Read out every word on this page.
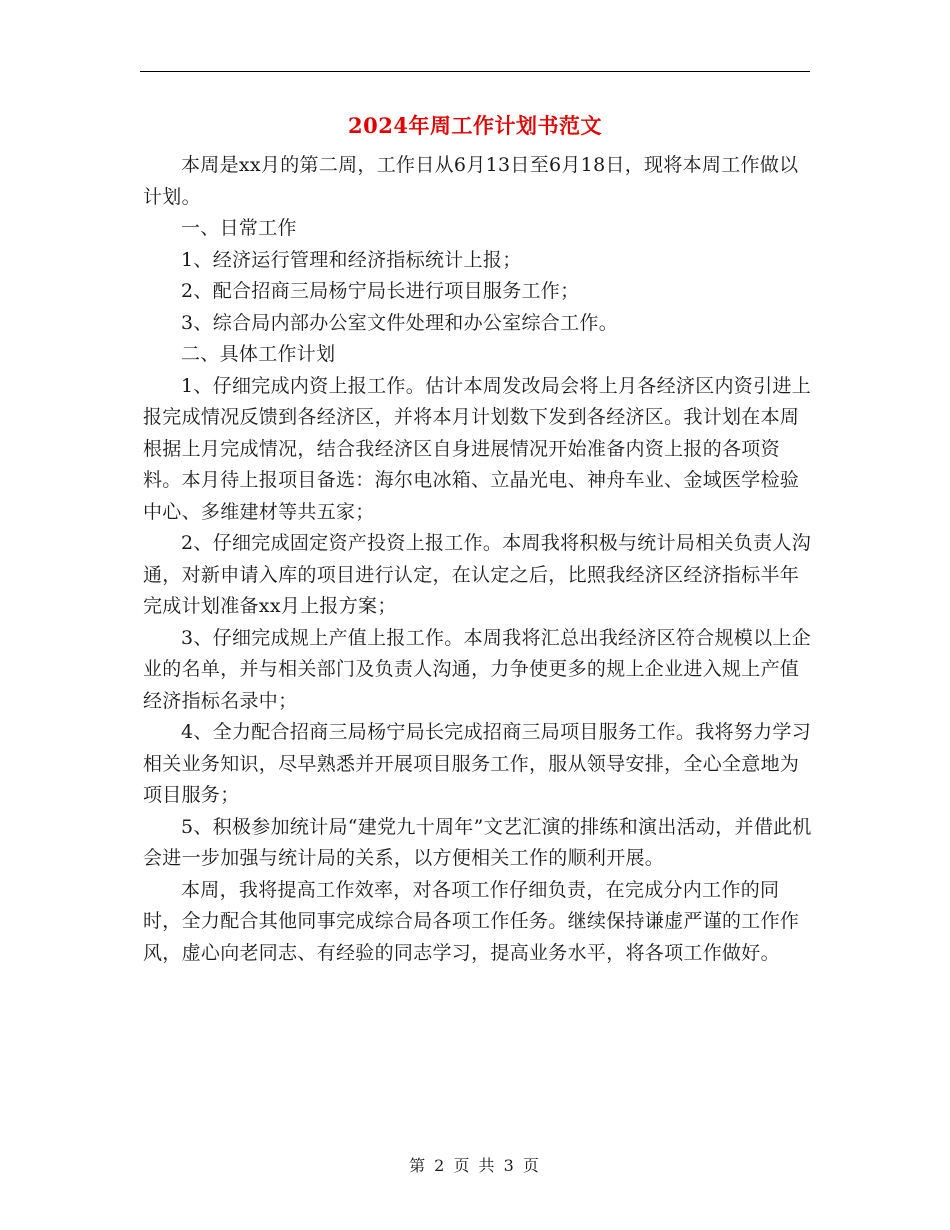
2024年周工作计划书范文

本周是xx月的第二周，工作日从6月13日至6月18日，现将本周工作做以计划。

一、日常工作

1、经济运行管理和经济指标统计上报；

2、配合招商三局杨宁局长进行项目服务工作；

3、综合局内部办公室文件处理和办公室综合工作。

二、具体工作计划

1、仔细完成内资上报工作。估计本周发改局会将上月各经济区内资引进上报完成情况反馈到各经济区，并将本月计划数下发到各经济区。我计划在本周根据上月完成情况，结合我经济区自身进展情况开始准备内资上报的各项资料。本月待上报项目备选：海尔电冰箱、立晶光电、神舟车业、金域医学检验中心、多维建材等共五家；

2、仔细完成固定资产投资上报工作。本周我将积极与统计局相关负责人沟通，对新申请入库的项目进行认定，在认定之后，比照我经济区经济指标半年完成计划准备xx月上报方案；

3、仔细完成规上产值上报工作。本周我将汇总出我经济区符合规模以上企业的名单，并与相关部门及负责人沟通，力争使更多的规上企业进入规上产值经济指标名录中；

4、全力配合招商三局杨宁局长完成招商三局项目服务工作。我将努力学习相关业务知识，尽早熟悉并开展项目服务工作，服从领导安排，全心全意地为项目服务；

5、积极参加统计局“建党九十周年”文艺汇演的排练和演出活动，并借此机会进一步加强与统计局的关系，以方便相关工作的顺利开展。

本周，我将提高工作效率，对各项工作仔细负责，在完成分内工作的同时，全力配合其他同事完成综合局各项工作任务。继续保持谦虚严谨的工作作风，虚心向老同志、有经验的同志学习，提高业务水平，将各项工作做好。

第 2 页 共 3 页
